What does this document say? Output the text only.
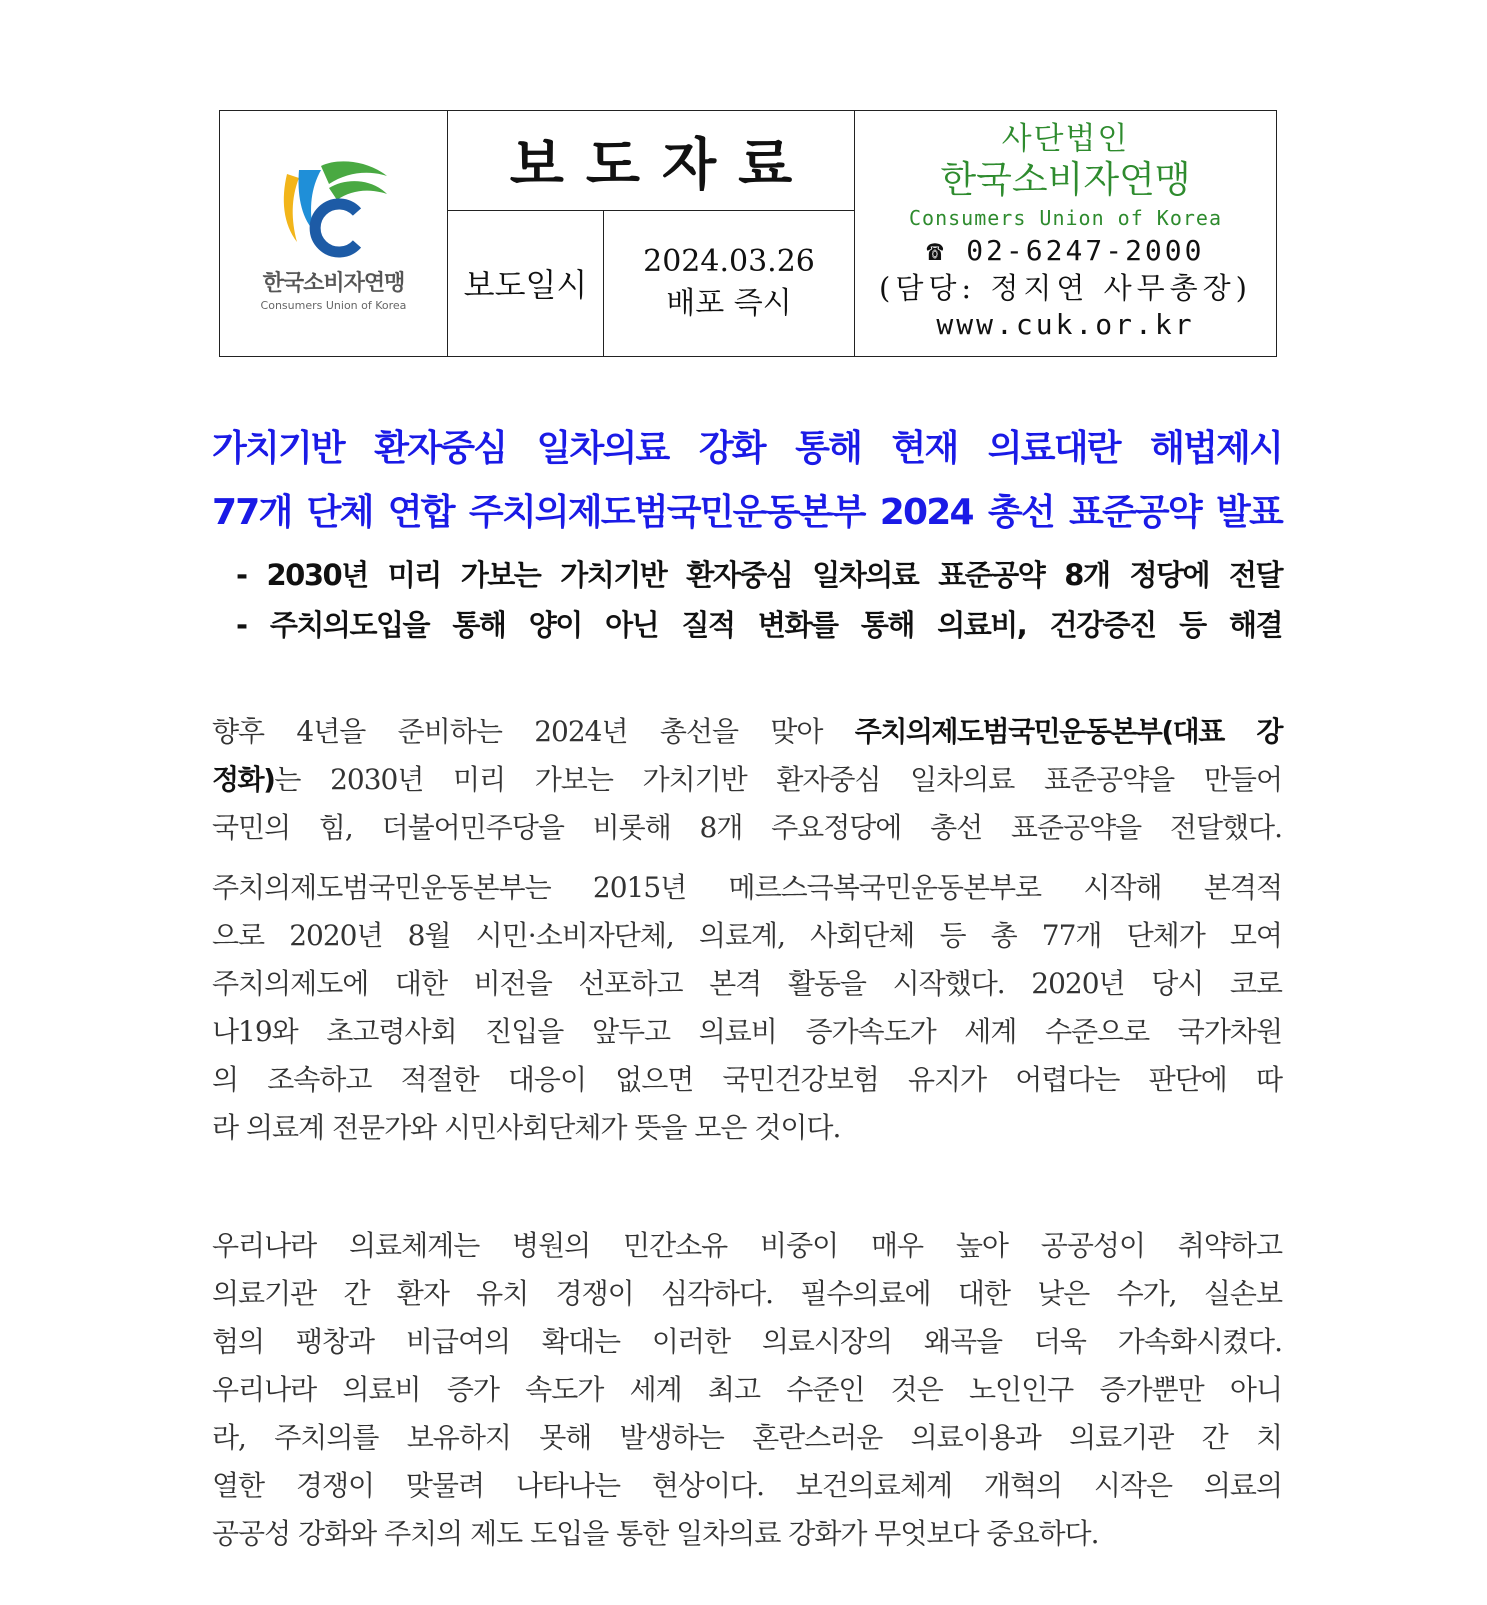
한국소비자연맹
Consumers Union of Korea
보도자료
보도일시
2024.03.26
배포 즉시
사단법인
한국소비자연맹
Consumers Union of Korea
☎ 02-6247-2000
(담당: 정지연 사무총장)
www.cuk.or.kr
가치기반 환자중심 일차의료 강화 통해 현재 의료대란 해법제시
77개 단체 연합 주치의제도범국민운동본부 2024 총선 표준공약 발표
- 2030년 미리 가보는 가치기반 환자중심 일차의료 표준공약 8개 정당에 전달
- 주치의도입을 통해 양이 아닌 질적 변화를 통해 의료비, 건강증진 등 해결
향후 4년을 준비하는 2024년 총선을 맞아 주치의제도범국민운동본부(대표 강
정화)는 2030년 미리 가보는 가치기반 환자중심 일차의료 표준공약을 만들어
국민의 힘, 더불어민주당을 비롯해 8개 주요정당에 총선 표준공약을 전달했다.
주치의제도범국민운동본부는 2015년 메르스극복국민운동본부로 시작해 본격적
으로 2020년 8월 시민·소비자단체, 의료계, 사회단체 등 총 77개 단체가 모여
주치의제도에 대한 비전을 선포하고 본격 활동을 시작했다. 2020년 당시 코로
나19와 초고령사회 진입을 앞두고 의료비 증가속도가 세계 수준으로 국가차원
의 조속하고 적절한 대응이 없으면 국민건강보험 유지가 어렵다는 판단에 따
라 의료계 전문가와 시민사회단체가 뜻을 모은 것이다.
우리나라 의료체계는 병원의 민간소유 비중이 매우 높아 공공성이 취약하고
의료기관 간 환자 유치 경쟁이 심각하다. 필수의료에 대한 낮은 수가, 실손보
험의 팽창과 비급여의 확대는 이러한 의료시장의 왜곡을 더욱 가속화시켰다.
우리나라 의료비 증가 속도가 세계 최고 수준인 것은 노인인구 증가뿐만 아니
라, 주치의를 보유하지 못해 발생하는 혼란스러운 의료이용과 의료기관 간 치
열한 경쟁이 맞물려 나타나는 현상이다. 보건의료체계 개혁의 시작은 의료의
공공성 강화와 주치의 제도 도입을 통한 일차의료 강화가 무엇보다 중요하다.
